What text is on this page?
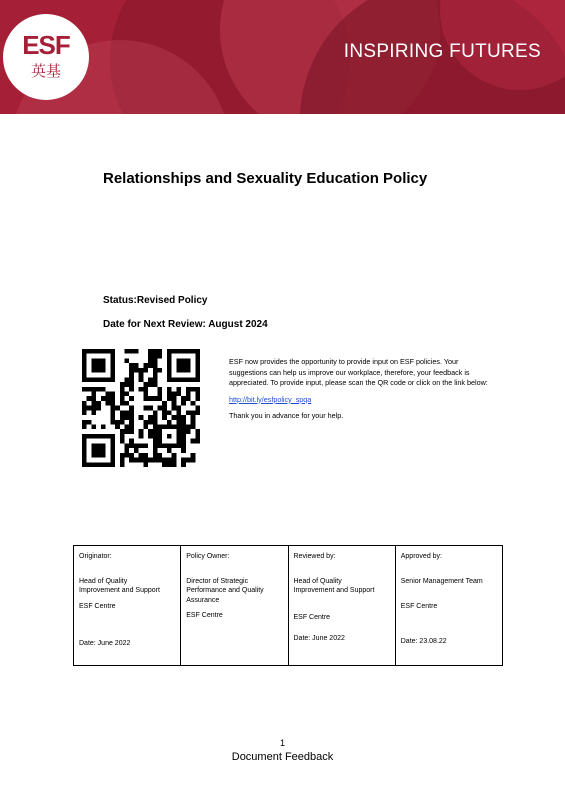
ESF
英基
INSPIRING FUTURES
Relationships and Sexuality Education Policy
Status:Revised Policy
Date for Next Review: August 2024

ESF now provides the opportunity to provide input on ESF policies. Your suggestions can help us improve our workplace, therefore, your feedback is appreciated. To provide input, please scan the QR code or click on the link below:

http://bit.ly/esfpolicy_spqa

Thank you in advance for your help.

Originator:
Head of Quality
Improvement and Support
ESF Centre
Date: June 2022

Policy Owner:
Director of Strategic
Performance and Quality
Assurance
ESF Centre

Reviewed by:
Head of Quality
Improvement and Support
ESF Centre
Date: June 2022

Approved by:
Senior Management Team
ESF Centre
Date: 23.08.22
1
Document Feedback
